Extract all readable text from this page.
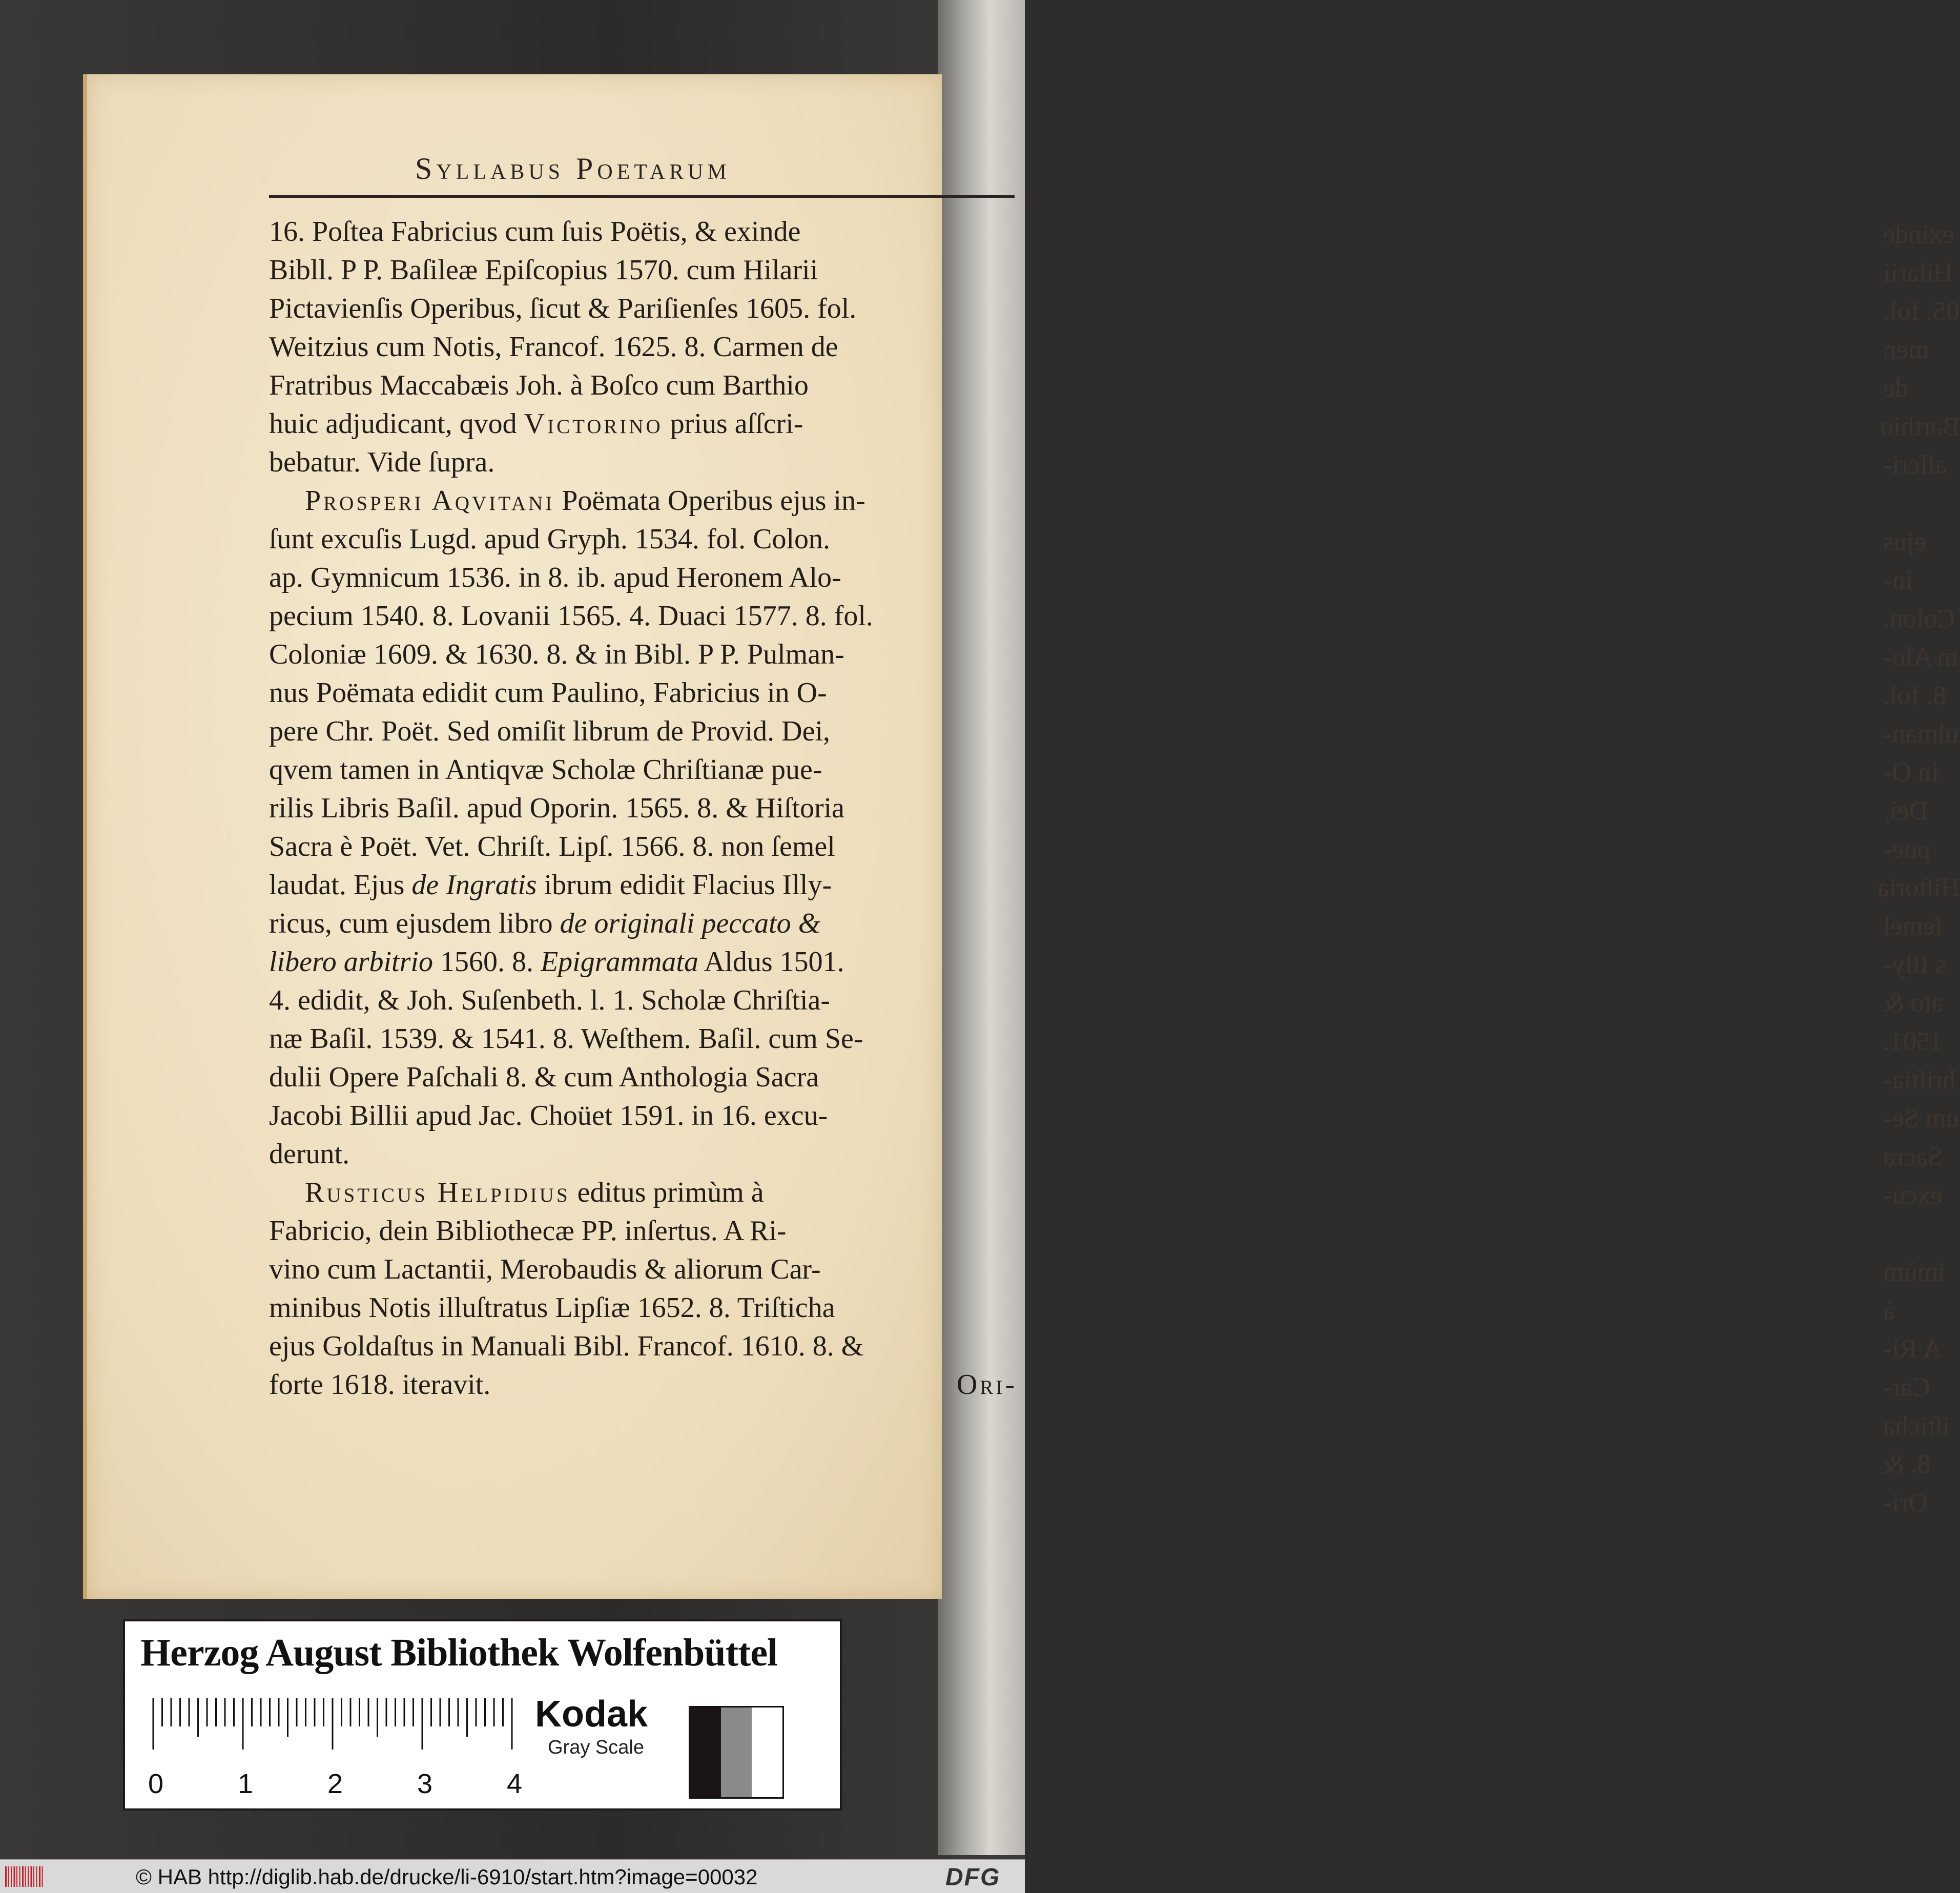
exinde
Hilarii
05. fol.
men de
Barthio
aſſcri-

ejus in-
Colon.
m Alo-
8. fol.
ulman-
in O-
Dei,
pue-
Hiſtoria
ſemel
s Illy-
ato &
1501.
hriſtia-
um Se-
Sacra
excu-

imùm à
A Ri-
Car-
iſticha
8. &
Ori-
Syllabus Poetarum
16. Poſtea Fabricius cum ſuis Poëtis, & exinde
Bibll. P P. Baſileæ Epiſcopius 1570. cum Hilarii
Pictavienſis Operibus, ſicut & Pariſienſes 1605. fol.
Weitzius cum Notis, Francof. 1625. 8. Carmen de
Fratribus Maccabæis Joh. à Boſco cum Barthio
huic adjudicant, qvod Victorino prius aſſcri-
bebatur. Vide ſupra.
Prosperi Aqvitani Poëmata Operibus ejus in-
ſunt excuſis Lugd. apud Gryph. 1534. fol. Colon.
ap. Gymnicum 1536. in 8. ib. apud Heronem Alo-
pecium 1540. 8. Lovanii 1565. 4. Duaci 1577. 8. fol.
Coloniæ 1609. & 1630. 8. & in Bibl. P P. Pulman-
nus Poëmata edidit cum Paulino, Fabricius in O-
pere Chr. Poët. Sed omiſit librum de Provid. Dei,
qvem tamen in Antiqvæ Scholæ Chriſtianæ pue-
rilis Libris Baſil. apud Oporin. 1565. 8. & Hiſtoria
Sacra è Poët. Vet. Chriſt. Lipſ. 1566. 8. non ſemel
laudat. Ejus de Ingratis ibrum edidit Flacius Illy-
ricus, cum ejusdem libro de originali peccato &
libero arbitrio 1560. 8. Epigrammata Aldus 1501.
4. edidit, & Joh. Suſenbeth. l. 1. Scholæ Chriſtia-
næ Baſil. 1539. & 1541. 8. Weſthem. Baſil. cum Se-
dulii Opere Paſchali 8. & cum Anthologia Sacra
Jacobi Billii apud Jac. Choüet 1591. in 16. excu-
derunt.
Rusticus Helpidius editus primùm à
Fabricio, dein Bibliothecæ PP. inſertus. A Ri-
vino cum Lactantii, Merobaudis & aliorum Car-
minibus Notis illuſtratus Lipſiæ 1652. 8. Triſticha
ejus Goldaſtus in Manuali Bibl. Francof. 1610. 8. &
forte 1618. iteravit.	Ori-
Herzog August Bibliothek Wolfenbüttel
0	1	2	3	4
Kodak
Gray Scale
© HAB http://diglib.hab.de/drucke/li-6910/start.htm?image=00032	DFG
